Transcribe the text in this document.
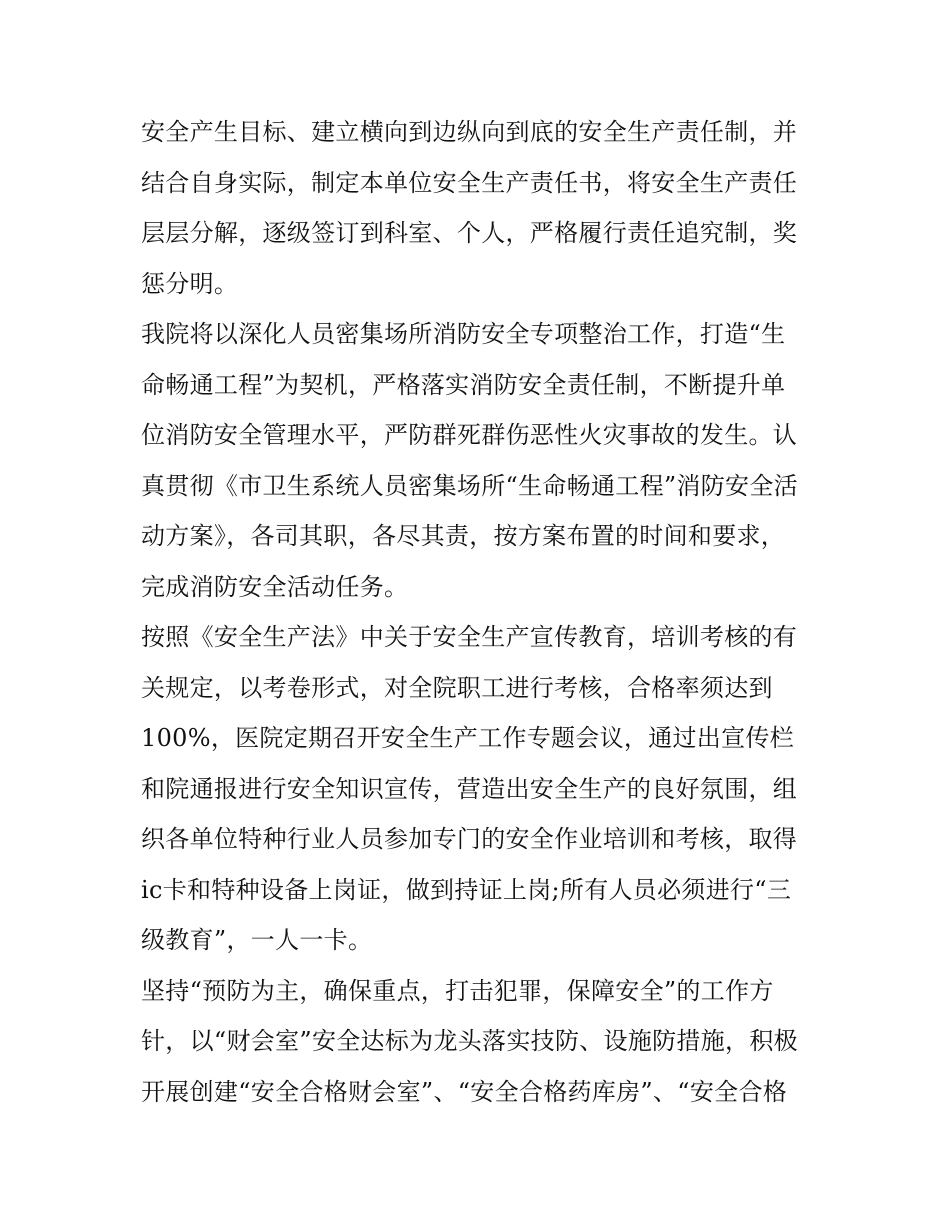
安全产生目标、建立横向到边纵向到底的安全生产责任制，并
结合自身实际，制定本单位安全生产责任书，将安全生产责任
层层分解，逐级签订到科室、个人，严格履行责任追究制，奖
惩分明。
我院将以深化人员密集场所消防安全专项整治工作，打造“生
命畅通工程”为契机，严格落实消防安全责任制，不断提升单
位消防安全管理水平，严防群死群伤恶性火灾事故的发生。认
真贯彻《市卫生系统人员密集场所“生命畅通工程”消防安全活
动方案》，各司其职，各尽其责，按方案布置的时间和要求，
完成消防安全活动任务。
按照《安全生产法》中关于安全生产宣传教育，培训考核的有
关规定，以考卷形式，对全院职工进行考核，合格率须达到
100%，医院定期召开安全生产工作专题会议，通过出宣传栏
和院通报进行安全知识宣传，营造出安全生产的良好氛围，组
织各单位特种行业人员参加专门的安全作业培训和考核，取得
ic卡和特种设备上岗证，做到持证上岗;所有人员必须进行“三
级教育”，一人一卡。
坚持“预防为主，确保重点，打击犯罪，保障安全”的工作方
针，以“财会室”安全达标为龙头落实技防、设施防措施，积极
开展创建“安全合格财会室”、“安全合格药库房”、“安全合格
